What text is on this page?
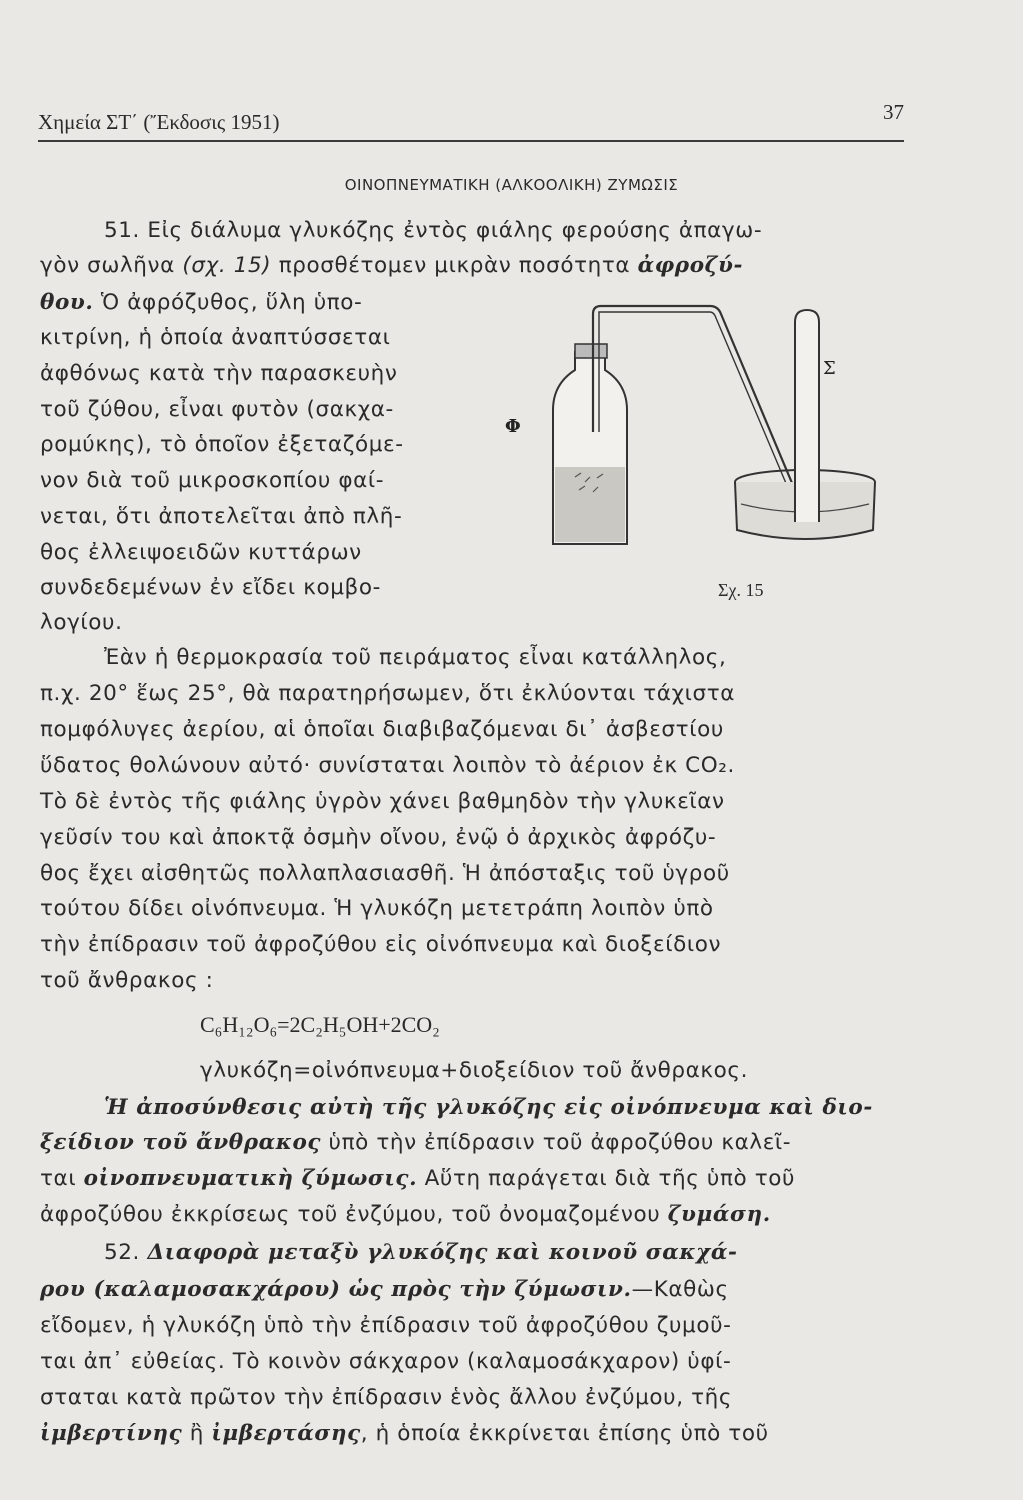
Χημεία ΣΤ΄ (Ἔκδοσις 1951)	37
ΟΙΝΟΠΝΕΥΜΑΤΙΚΗ (ΑΛΚΟΟΛΙΚΗ) ΖΥΜΩΣΙΣ
51. Εἰς διάλυμα γλυκόζης ἐντὸς φιάλης φερούσης ἀπαγω-
γὸν σωλῆνα (σχ. 15) προσθέτομεν μικρὰν ποσότητα ἀφροζύ-
θου. Ὁ ἀφρόζυθος, ὕλη ὑπο-
κιτρίνη, ἡ ὁποία ἀναπτύσσεται
ἀφθόνως κατὰ τὴν παρασκευὴν
τοῦ ζύθου, εἶναι φυτὸν (σακχα-
ρομύκης), τὸ ὁποῖον ἐξεταζόμε-
νον διὰ τοῦ μικροσκοπίου φαί-
νεται, ὅτι ἀποτελεῖται ἀπὸ πλῆ-
θος ἐλλειψοειδῶν κυττάρων
συνδεδεμένων ἐν εἴδει κομβο-
λογίου.
Ἐὰν ἡ θερμοκρασία τοῦ πειράματος εἶναι κατάλληλος,
π.χ. 20° ἕως 25°, θὰ παρατηρήσωμεν, ὅτι ἐκλύονται τάχιστα
πομφόλυγες ἀερίου, αἱ ὁποῖαι διαβιβαζόμεναι δι᾿ ἀσβεστίου
ὕδατος θολώνουν αὐτό· συνίσταται λοιπὸν τὸ ἀέριον ἐκ CO₂.
Τὸ δὲ ἐντὸς τῆς φιάλης ὑγρὸν χάνει βαθμηδὸν τὴν γλυκεῖαν
γεῦσίν του καὶ ἀποκτᾷ ὀσμὴν οἴνου, ἐνῷ ὁ ἀρχικὸς ἀφρόζυ-
θος ἔχει αἰσθητῶς πολλαπλασιασθῆ. Ἡ ἀπόσταξις τοῦ ὑγροῦ
τούτου δίδει οἰνόπνευμα. Ἡ γλυκόζη μετετράπη λοιπὸν ὑπὸ
τὴν ἐπίδρασιν τοῦ ἀφροζύθου εἰς οἰνόπνευμα καὶ διοξείδιον
τοῦ ἄνθρακος :
Σ
Φ
Σχ. 15
C₆H₁₂O₆=2C₂H₅OH+2CO₂
γλυκόζη=οἰνόπνευμα+διοξείδιον τοῦ ἄνθρακος.
Ἡ ἀποσύνθεσις αὐτὴ τῆς γλυκόζης εἰς οἰνόπνευμα καὶ διο-
ξείδιον τοῦ ἄνθρακος ὑπὸ τὴν ἐπίδρασιν τοῦ ἀφροζύθου καλεῖ-
ται οἰνοπνευματικὴ ζύμωσις. Αὕτη παράγεται διὰ τῆς ὑπὸ τοῦ
ἀφροζύθου ἐκκρίσεως τοῦ ἐνζύμου, τοῦ ὀνομαζομένου ζυμάση.
52. Διαφορὰ μεταξὺ γλυκόζης καὶ κοινοῦ σακχά-
ρου (καλαμοσακχάρου) ὡς πρὸς τὴν ζύμωσιν.—Καθὼς
εἴδομεν, ἡ γλυκόζη ὑπὸ τὴν ἐπίδρασιν τοῦ ἀφροζύθου ζυμοῦ-
ται ἀπ᾿ εὐθείας. Τὸ κοινὸν σάκχαρον (καλαμοσάκχαρον) ὑφί-
σταται κατὰ πρῶτον τὴν ἐπίδρασιν ἑνὸς ἄλλου ἐνζύμου, τῆς
ἰμβερτίνης ἢ ἰμβερτάσης, ἡ ὁποία ἐκκρίνεται ἐπίσης ὑπὸ τοῦ
